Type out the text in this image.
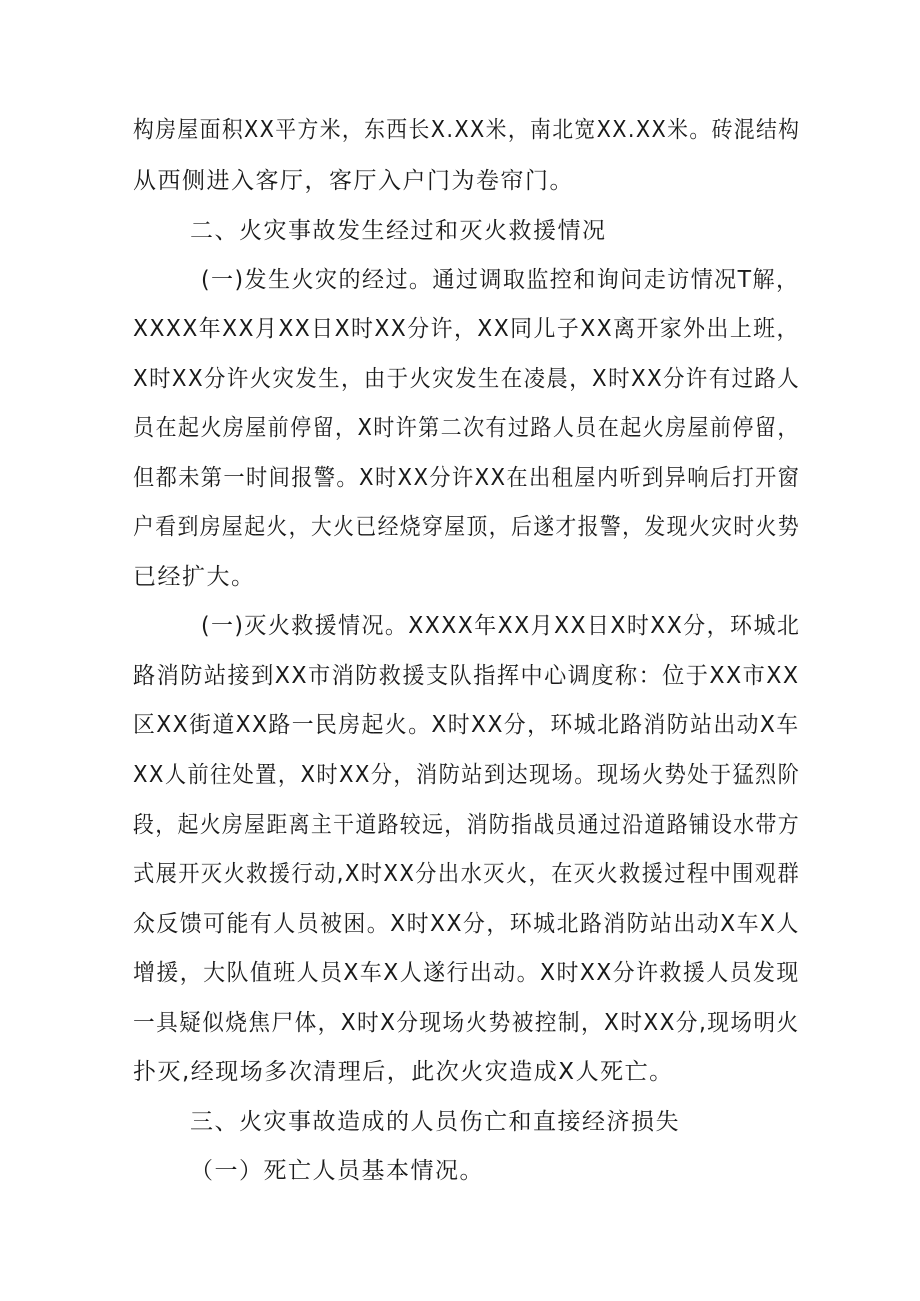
构房屋面积XX平方米，东西长X.XX米，南北宽XX.XX米。砖混结构
从西侧进入客厅，客厅入户门为卷帘门。
二、火灾事故发生经过和灭火救援情况
(一)发生火灾的经过。通过调取监控和询问走访情况T解，
XXXX年XX月XX日X时XX分许，XX同儿子XX离开家外出上班，
X时XX分许火灾发生，由于火灾发生在凌晨，X时XX分许有过路人
员在起火房屋前停留，X时许第二次有过路人员在起火房屋前停留，
但都未第一时间报警。X时XX分许XX在出租屋内听到异响后打开窗
户看到房屋起火，大火已经烧穿屋顶，后遂才报警，发现火灾时火势
已经扩大。
(一)灭火救援情况。XXXX年XX月XX日X时XX分，环城北
路消防站接到XX市消防救援支队指挥中心调度称：位于XX市XX
区XX街道XX路一民房起火。X时XX分，环城北路消防站出动X车
XX人前往处置，X时XX分，消防站到达现场。现场火势处于猛烈阶
段，起火房屋距离主干道路较远，消防指战员通过沿道路铺设水带方
式展开灭火救援行动,X时XX分出水灭火，在灭火救援过程中围观群
众反馈可能有人员被困。X时XX分，环城北路消防站出动X车X人
增援，大队值班人员X车X人遂行出动。X时XX分许救援人员发现
一具疑似烧焦尸体，X时X分现场火势被控制，X时XX分,现场明火
扑灭,经现场多次清理后，此次火灾造成X人死亡。
三、火灾事故造成的人员伤亡和直接经济损失
（一）死亡人员基本情况。
